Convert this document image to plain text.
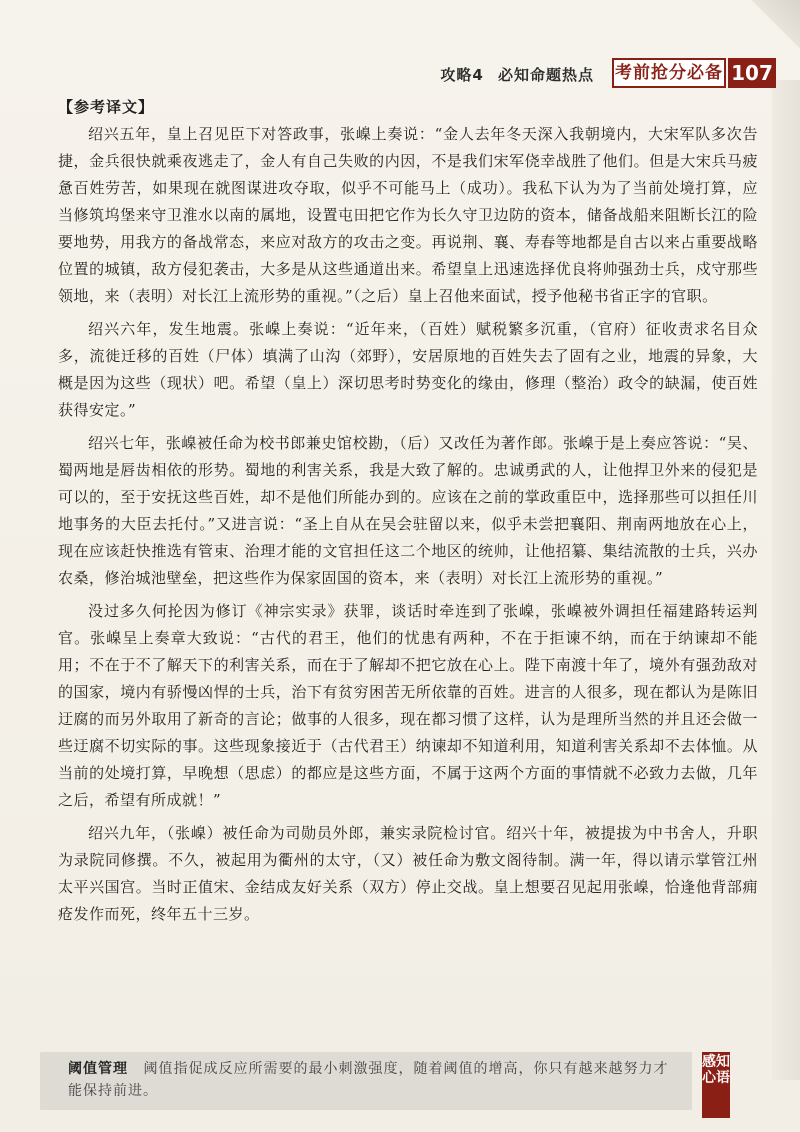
攻略4 必知命题热点	考前抢分必备 107
【参考译文】

绍兴五年，皇上召见臣下对答政事，张嵲上奏说：“金人去年冬天深入我朝境内，大宋军队多次告捷，金兵很快就乘夜逃走了，金人有自己失败的内因，不是我们宋军侥幸战胜了他们。但是大宋兵马疲惫百姓劳苦，如果现在就图谋进攻夺取，似乎不可能马上（成功）。我私下认为为了当前处境打算，应当修筑坞堡来守卫淮水以南的属地，设置屯田把它作为长久守卫边防的资本，储备战船来阻断长江的险要地势，用我方的备战常态，来应对敌方的攻击之变。再说荆、襄、寿春等地都是自古以来占重要战略位置的城镇，敌方侵犯袭击，大多是从这些通道出来。希望皇上迅速选择优良将帅强劲士兵，戍守那些领地，来（表明）对长江上流形势的重视。”（之后）皇上召他来面试，授予他秘书省正字的官职。

绍兴六年，发生地震。张嵲上奏说：“近年来，（百姓）赋税繁多沉重，（官府）征收责求名目众多，流徙迁移的百姓（尸体）填满了山沟（郊野），安居原地的百姓失去了固有之业，地震的异象，大概是因为这些（现状）吧。希望（皇上）深切思考时势变化的缘由，修理（整治）政令的缺漏，使百姓获得安定。”

绍兴七年，张嵲被任命为校书郎兼史馆校勘，（后）又改任为著作郎。张嵲于是上奏应答说：“吴、蜀两地是唇齿相依的形势。蜀地的利害关系，我是大致了解的。忠诚勇武的人，让他捍卫外来的侵犯是可以的，至于安抚这些百姓，却不是他们所能办到的。应该在之前的掌政重臣中，选择那些可以担任川地事务的大臣去托付。”又进言说：“圣上自从在吴会驻留以来，似乎未尝把襄阳、荆南两地放在心上，现在应该赶快推选有管束、治理才能的文官担任这二个地区的统帅，让他招纂、集结流散的士兵，兴办农桑，修治城池壁垒，把这些作为保家固国的资本，来（表明）对长江上流形势的重视。”

没过多久何抡因为修订《神宗实录》获罪，谈话时牵连到了张嵲，张嵲被外调担任福建路转运判官。张嵲呈上奏章大致说：“古代的君王，他们的忧患有两种，不在于拒谏不纳，而在于纳谏却不能用；不在于不了解天下的利害关系，而在于了解却不把它放在心上。陛下南渡十年了，境外有强劲敌对的国家，境内有骄慢凶悍的士兵，治下有贫穷困苦无所依靠的百姓。进言的人很多，现在都认为是陈旧迂腐的而另外取用了新奇的言论；做事的人很多，现在都习惯了这样，认为是理所当然的并且还会做一些迂腐不切实际的事。这些现象接近于（古代君王）纳谏却不知道利用，知道利害关系却不去体恤。从当前的处境打算，早晚想（思虑）的都应是这些方面，不属于这两个方面的事情就不必致力去做，几年之后，希望有所成就！”

绍兴九年，（张嵲）被任命为司勋员外郎，兼实录院检讨官。绍兴十年，被提拔为中书舍人，升职为录院同修撰。不久，被起用为衢州的太守，（又）被任命为敷文阁待制。满一年，得以请示掌管江州太平兴国宫。当时正值宋、金结成友好关系（双方）停止交战。皇上想要召见起用张嵲，恰逢他背部痈疮发作而死，终年五十三岁。

阈值管理 阈值指促成反应所需要的最小刺激强度，随着阈值的增高，你只有越来越努力才能保持前进。
感知心语
